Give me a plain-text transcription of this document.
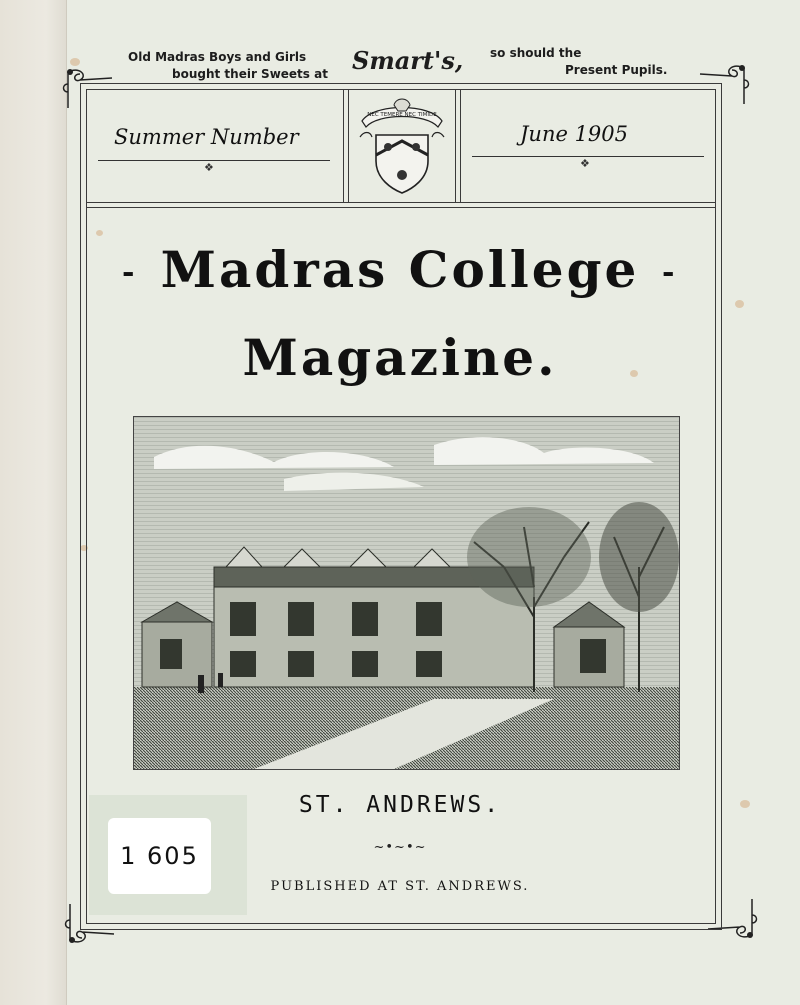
Old Madras Boys and Girls
bought their Sweets at Smart's, so should the
Present Pupils.
Summer Number
❖
June 1905
❖
NEC TEMERE NEC TIMIDE
-	-
Madras College
Magazine.
ST. ANDREWS.
~•~•~
PUBLISHED AT ST. ANDREWS.
1 605
